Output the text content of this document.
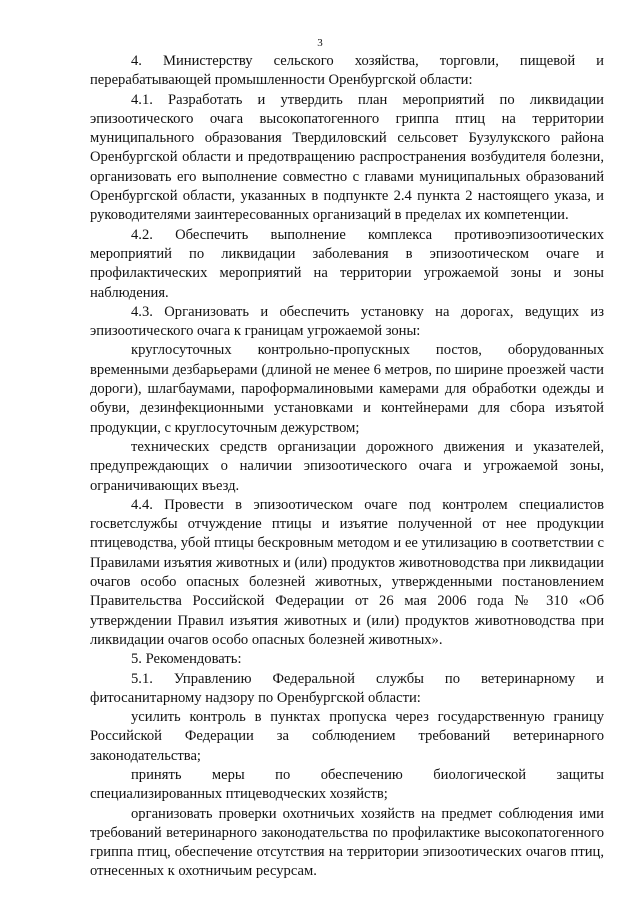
3

4. Министерству сельского хозяйства, торговли, пищевой и перерабатывающей промышленности Оренбургской области:

4.1. Разработать и утвердить план мероприятий по ликвидации эпизоотического очага высокопатогенного гриппа птиц на территории муниципального образования Твердиловский сельсовет Бузулукского района Оренбургской области и предотвращению распространения возбудителя болезни, организовать его выполнение совместно с главами муниципальных образований Оренбургской области, указанных в подпункте 2.4 пункта 2 настоящего указа, и руководителями заинтересованных организаций в пределах их компетенции.

4.2. Обеспечить выполнение комплекса противоэпизоотических мероприятий по ликвидации заболевания в эпизоотическом очаге и профилактических мероприятий на территории угрожаемой зоны и зоны наблюдения.

4.3. Организовать и обеспечить установку на дорогах, ведущих из эпизоотического очага к границам угрожаемой зоны:

круглосуточных контрольно-пропускных постов, оборудованных временными дезбарьерами (длиной не менее 6 метров, по ширине проезжей части дороги), шлагбаумами, пароформалиновыми камерами для обработки одежды и обуви, дезинфекционными установками и контейнерами для сбора изъятой продукции, с круглосуточным дежурством;

технических средств организации дорожного движения и указателей, предупреждающих о наличии эпизоотического очага и угрожаемой зоны, ограничивающих въезд.

4.4. Провести в эпизоотическом очаге под контролем специалистов госветслужбы отчуждение птицы и изъятие полученной от нее продукции птицеводства, убой птицы бескровным методом и ее утилизацию в соответствии с Правилами изъятия животных и (или) продуктов животноводства при ликвидации очагов особо опасных болезней животных, утвержденными постановлением Правительства Российской Федерации от 26 мая 2006 года № 310 «Об утверждении Правил изъятия животных и (или) продуктов животноводства при ликвидации очагов особо опасных болезней животных».

5. Рекомендовать:

5.1. Управлению Федеральной службы по ветеринарному и фитосанитарному надзору по Оренбургской области:

усилить контроль в пунктах пропуска через государственную границу Российской Федерации за соблюдением требований ветеринарного законодательства;

принять меры по обеспечению биологической защиты специализированных птицеводческих хозяйств;

организовать проверки охотничьих хозяйств на предмет соблюдения ими требований ветеринарного законодательства по профилактике высокопатогенного гриппа птиц, обеспечение отсутствия на территории эпизоотических очагов птиц, отнесенных к охотничьим ресурсам.
